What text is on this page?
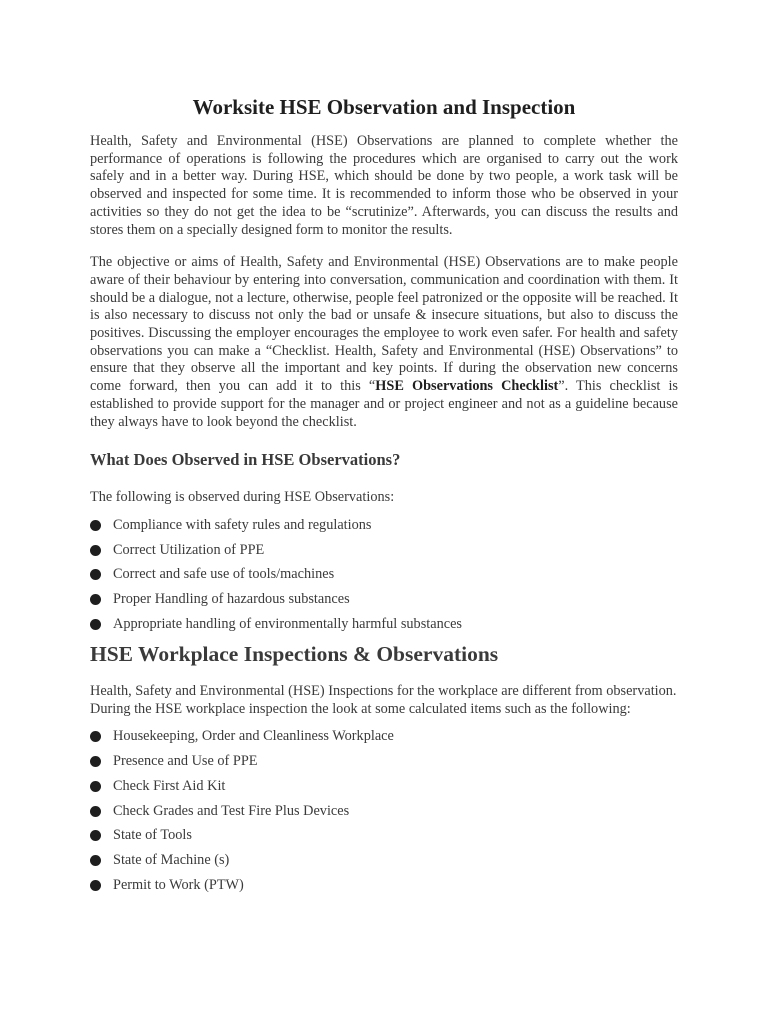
Worksite HSE Observation and Inspection

Health, Safety and Environmental (HSE) Observations are planned to complete whether the performance of operations is following the procedures which are organised to carry out the work safely and in a better way. During HSE, which should be done by two people, a work task will be observed and inspected for some time. It is recommended to inform those who be observed in your activities so they do not get the idea to be “scrutinize”. Afterwards, you can discuss the results and stores them on a specially designed form to monitor the results.

The objective or aims of Health, Safety and Environmental (HSE) Observations are to make people aware of their behaviour by entering into conversation, communication and coordination with them. It should be a dialogue, not a lecture, otherwise, people feel patronized or the opposite will be reached. It is also necessary to discuss not only the bad or unsafe & insecure situations, but also to discuss the positives. Discussing the employer encourages the employee to work even safer. For health and safety observations you can make a “Checklist. Health, Safety and Environmental (HSE) Observations” to ensure that they observe all the important and key points. If during the observation new concerns come forward, then you can add it to this “HSE Observations Checklist”. This checklist is established to provide support for the manager and or project engineer and not as a guideline because they always have to look beyond the checklist.

What Does Observed in HSE Observations?

The following is observed during HSE Observations:

Compliance with safety rules and regulations
Correct Utilization of PPE
Correct and safe use of tools/machines
Proper Handling of hazardous substances
Appropriate handling of environmentally harmful substances
HSE Workplace Inspections & Observations

Health, Safety and Environmental (HSE) Inspections for the workplace are different from observation. During the HSE workplace inspection the look at some calculated items such as the following:

Housekeeping, Order and Cleanliness Workplace
Presence and Use of PPE
Check First Aid Kit
Check Grades and Test Fire Plus Devices
State of Tools
State of Machine (s)
Permit to Work (PTW)
